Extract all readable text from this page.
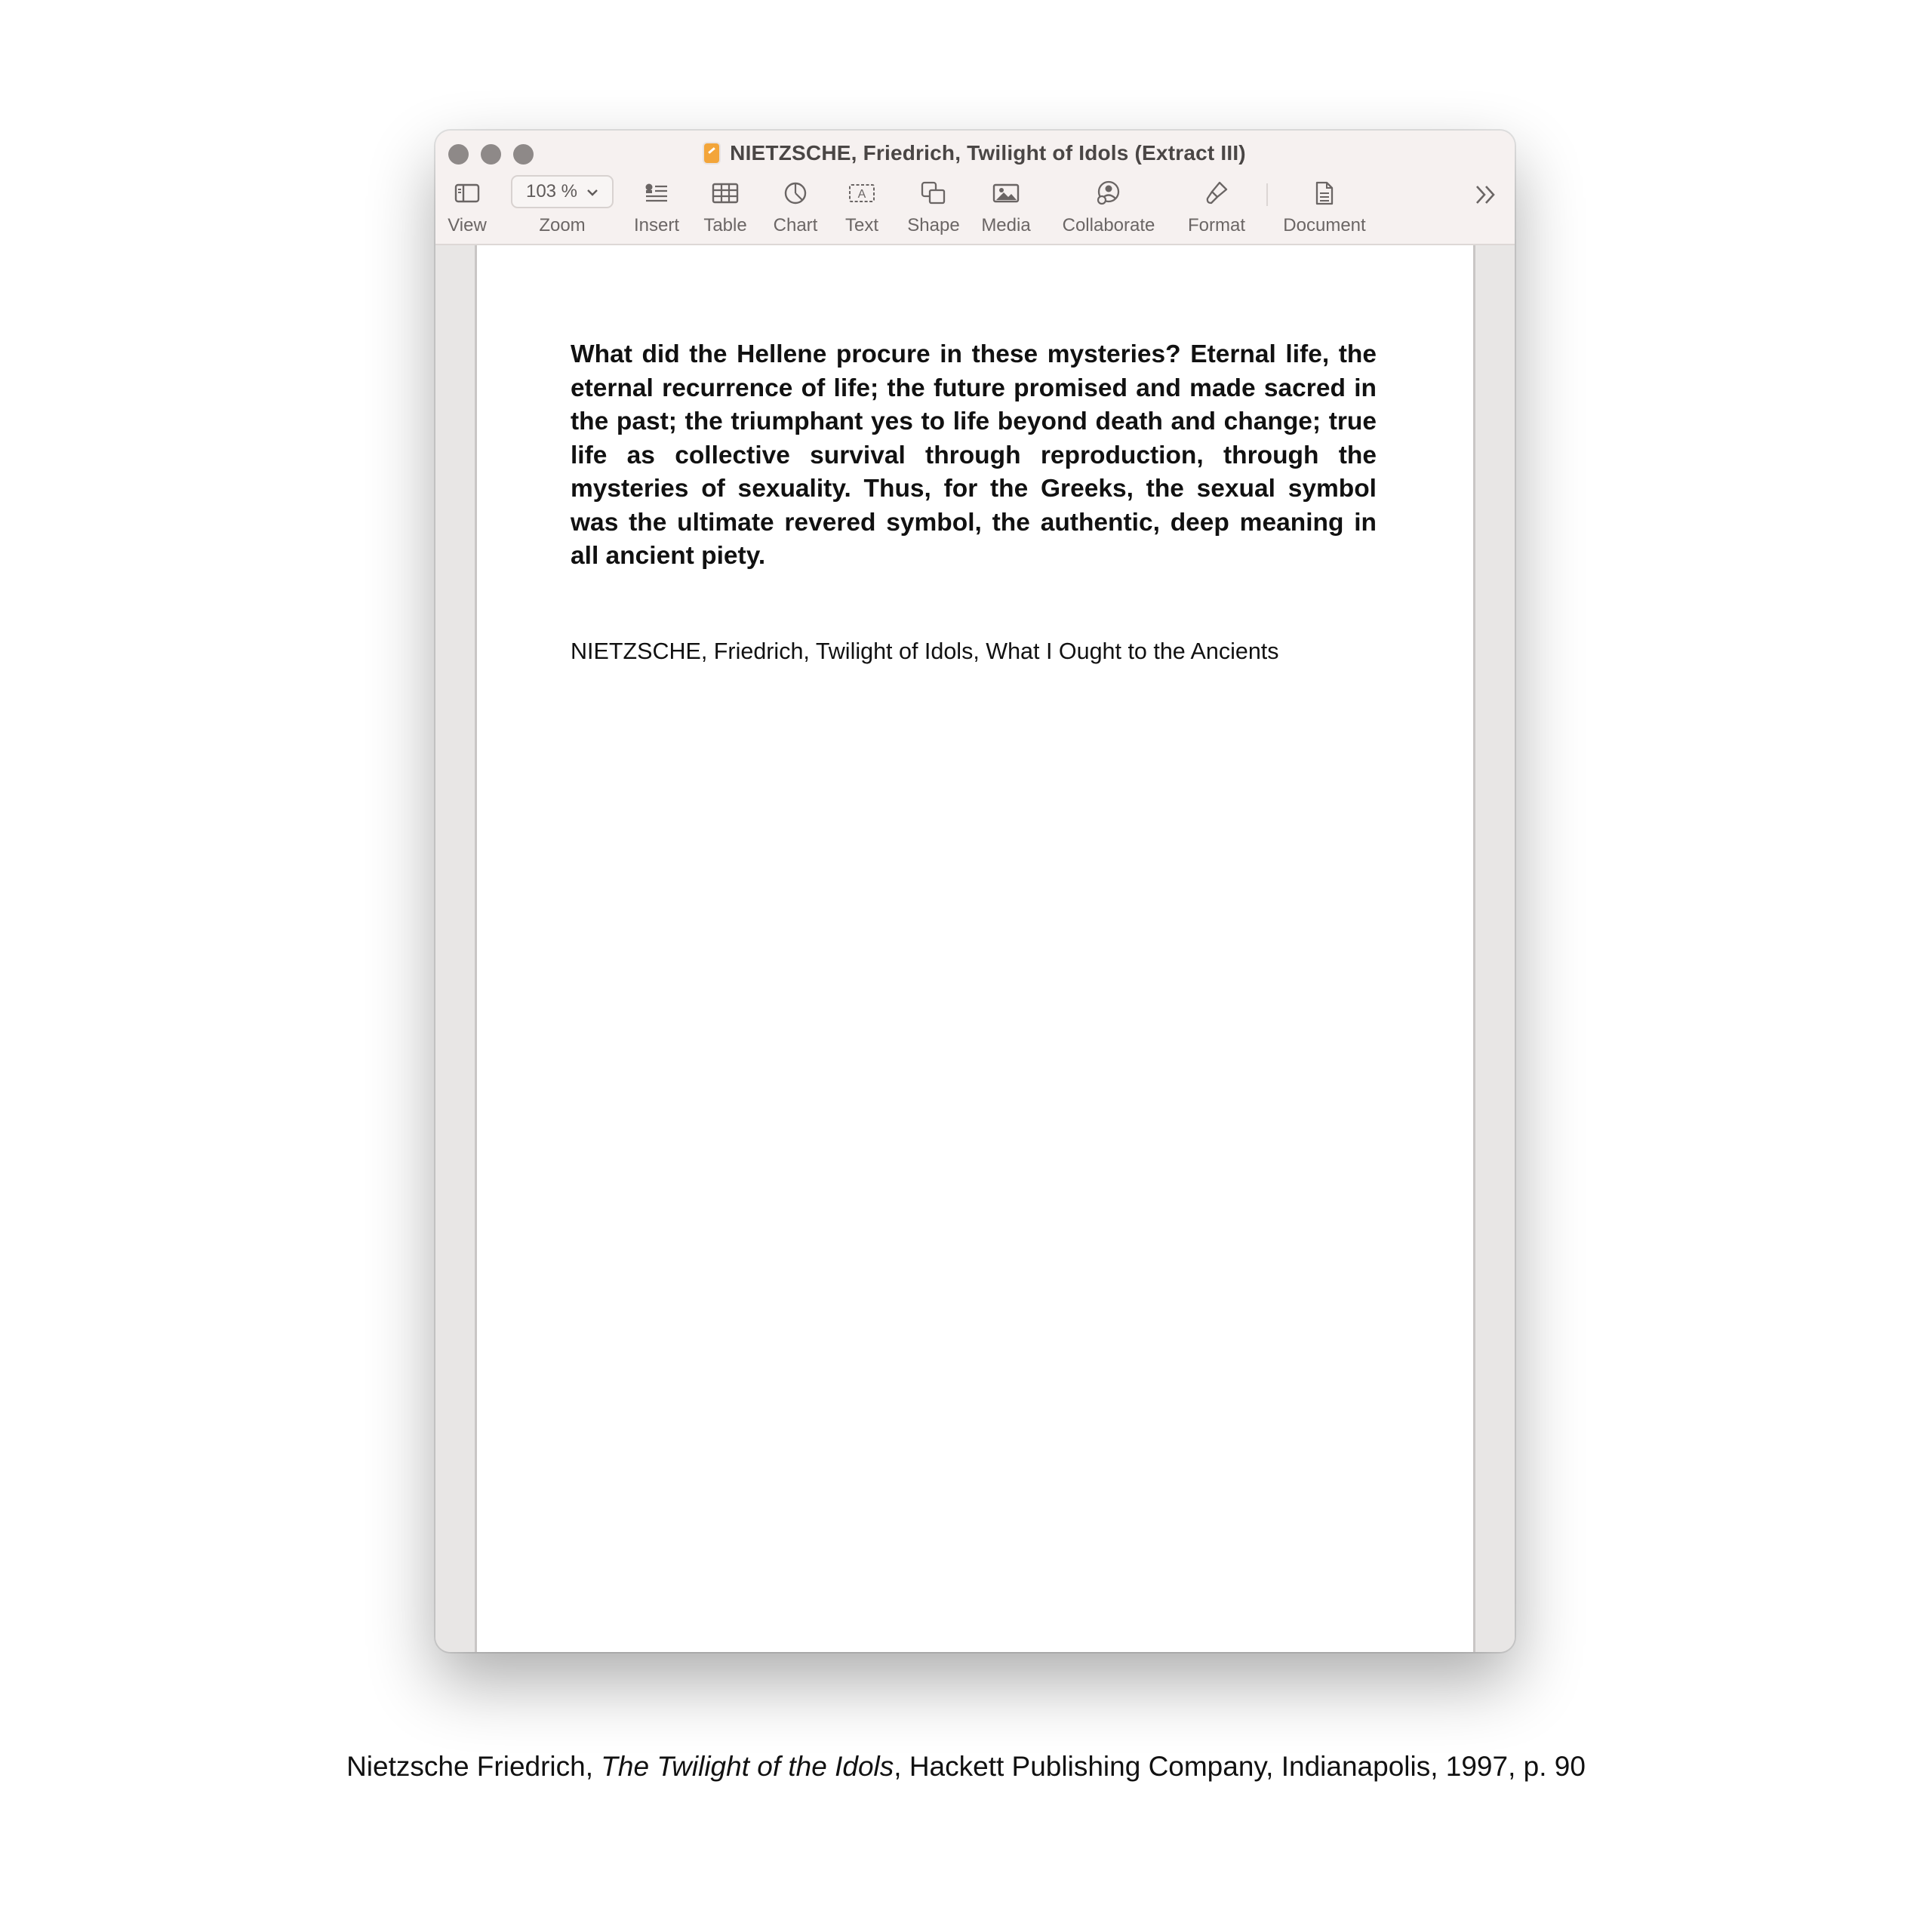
NIETZSCHE, Friedrich, Twilight of Idols (Extract III)
View
103 %
Zoom	Insert Table Chart
A
Text Shape Media Collaborate Format Document

What did the Hellene procure in these mysteries? Eternal life, the eternal recurrence of life; the future promised and made sacred in the past; the triumphant yes to life beyond death and change; true life as collective survival through reproduction, through the mysteries of sexuality. Thus, for the Greeks, the sexual symbol was the ultimate revered symbol, the authentic, deep meaning in all ancient piety.

NIETZSCHE, Friedrich, Twilight of Idols, What I Ought to the Ancients
Nietzsche Friedrich, The Twilight of the Idols, Hackett Publishing Company, Indianapolis, 1997, p. 90
